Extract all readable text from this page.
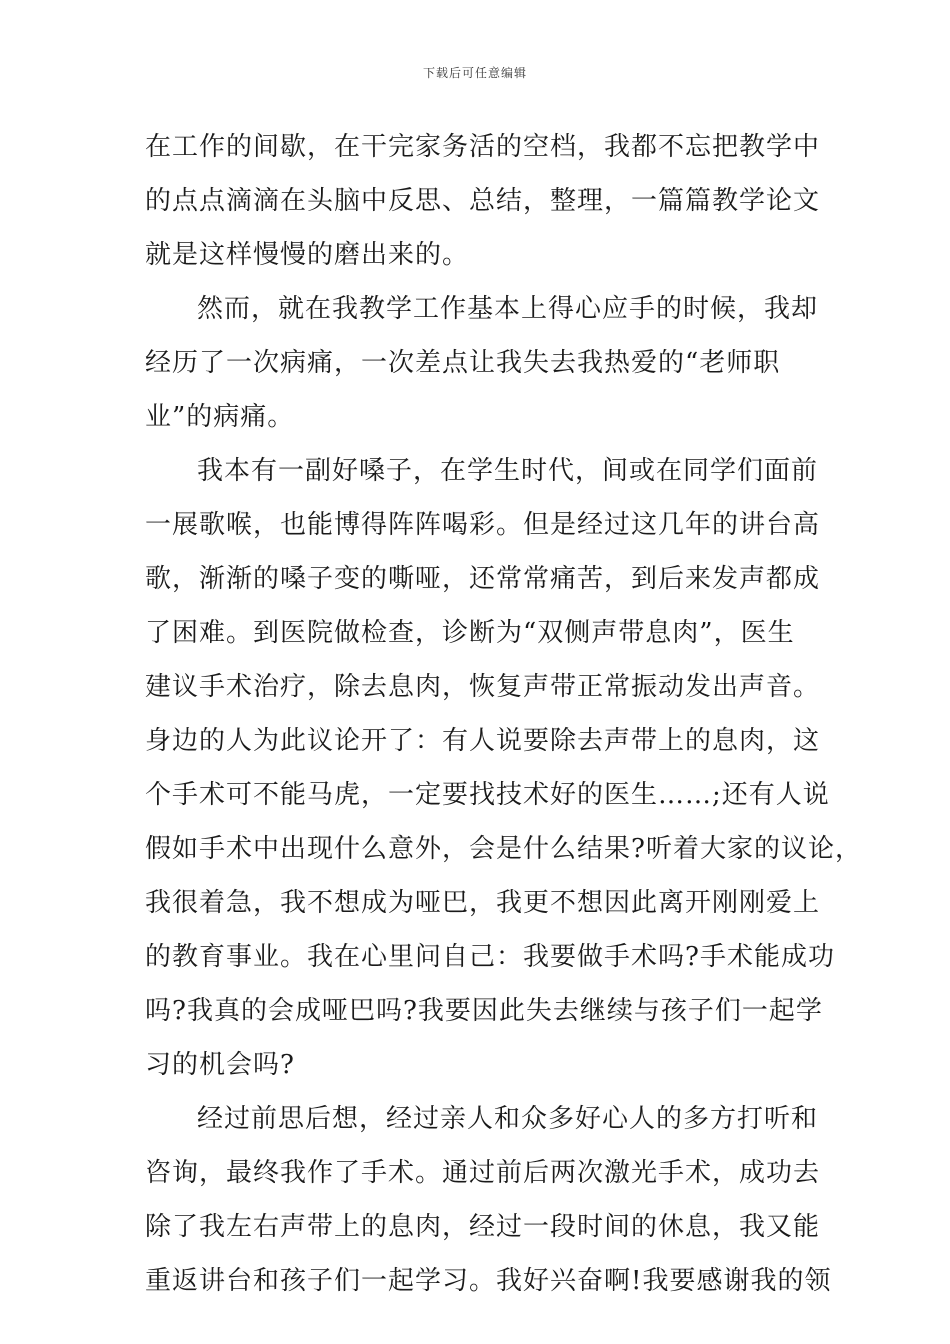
下载后可任意编辑
在工作的间歇，在干完家务活的空档，我都不忘把教学中
的点点滴滴在头脑中反思、总结，整理，一篇篇教学论文
就是这样慢慢的磨出来的。
然而，就在我教学工作基本上得心应手的时候，我却
经历了一次病痛，一次差点让我失去我热爱的“老师职
业”的病痛。
我本有一副好嗓子，在学生时代，间或在同学们面前
一展歌喉，也能博得阵阵喝彩。但是经过这几年的讲台高
歌，渐渐的嗓子变的嘶哑，还常常痛苦，到后来发声都成
了困难。到医院做检查，诊断为“双侧声带息肉”，医生
建议手术治疗，除去息肉，恢复声带正常振动发出声音。
身边的人为此议论开了：有人说要除去声带上的息肉，这
个手术可不能马虎，一定要找技术好的医生……;还有人说
假如手术中出现什么意外，会是什么结果?听着大家的议论，
我很着急，我不想成为哑巴，我更不想因此离开刚刚爱上
的教育事业。我在心里问自己：我要做手术吗?手术能成功
吗?我真的会成哑巴吗?我要因此失去继续与孩子们一起学
习的机会吗?
经过前思后想，经过亲人和众多好心人的多方打听和
咨询，最终我作了手术。通过前后两次激光手术，成功去
除了我左右声带上的息肉，经过一段时间的休息，我又能
重返讲台和孩子们一起学习。我好兴奋啊!我要感谢我的领
